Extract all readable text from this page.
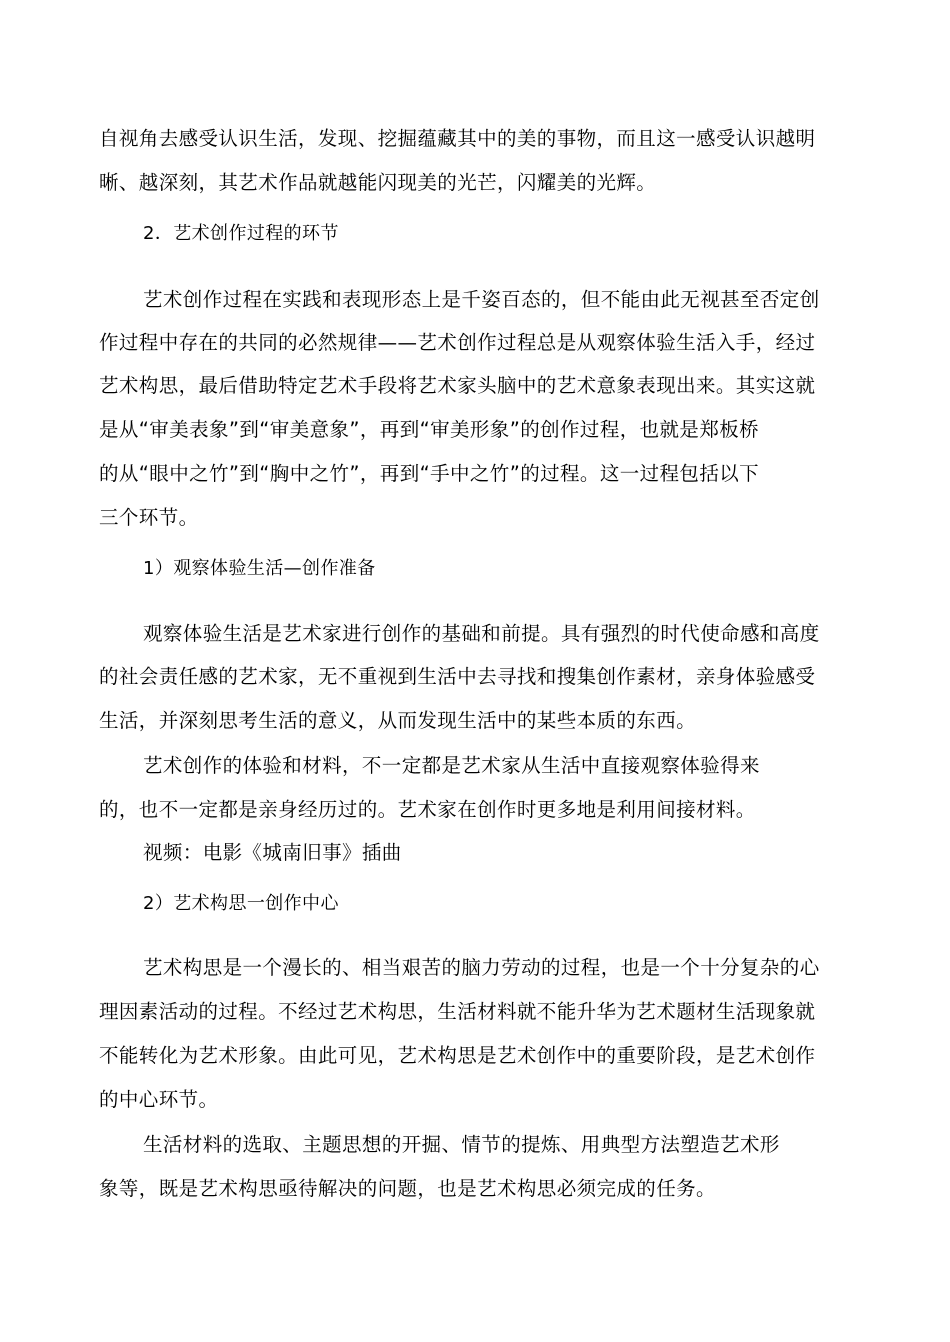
自视角去感受认识生活，发现、挖掘蕴藏其中的美的事物，而且这一感受认识越明
晰、越深刻，其艺术作品就越能闪现美的光芒，闪耀美的光辉。
2．艺术创作过程的环节
艺术创作过程在实践和表现形态上是千姿百态的，但不能由此无视甚至否定创
作过程中存在的共同的必然规律——艺术创作过程总是从观察体验生活入手，经过
艺术构思，最后借助特定艺术手段将艺术家头脑中的艺术意象表现出来。其实这就
是从“审美表象”到“审美意象”，再到“审美形象”的创作过程，也就是郑板桥
的从“眼中之竹”到“胸中之竹”，再到“手中之竹”的过程。这一过程包括以下
三个环节。
1）观察体验生活—创作准备
观察体验生活是艺术家进行创作的基础和前提。具有强烈的时代使命感和高度
的社会责任感的艺术家，无不重视到生活中去寻找和搜集创作素材，亲身体验感受
生活，并深刻思考生活的意义，从而发现生活中的某些本质的东西。
艺术创作的体验和材料，不一定都是艺术家从生活中直接观察体验得来
的，也不一定都是亲身经历过的。艺术家在创作时更多地是利用间接材料。
视频：电影《城南旧事》插曲
2）艺术构思一创作中心
艺术构思是一个漫长的、相当艰苦的脑力劳动的过程，也是一个十分复杂的心
理因素活动的过程。不经过艺术构思，生活材料就不能升华为艺术题材生活现象就
不能转化为艺术形象。由此可见，艺术构思是艺术创作中的重要阶段，是艺术创作
的中心环节。
生活材料的选取、主题思想的开掘、情节的提炼、用典型方法塑造艺术形
象等，既是艺术构思亟待解决的问题，也是艺术构思必须完成的任务。
